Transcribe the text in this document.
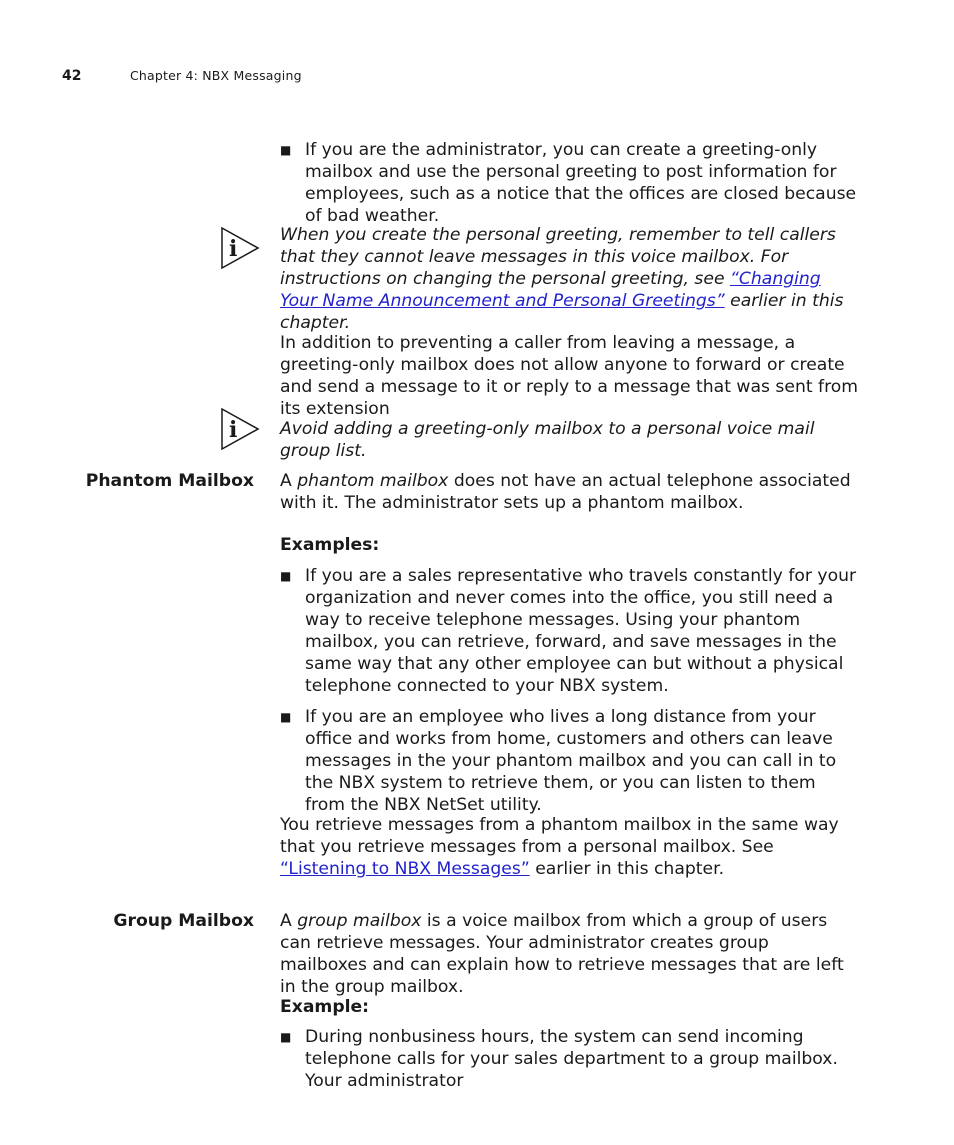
42	Chapter 4: NBX Messaging
■ If you are the administrator, you can create a greeting-only mailbox and use the personal greeting to post information for employees, such as a notice that the offices are closed because of bad weather.
i
When you create the personal greeting, remember to tell callers that they cannot leave messages in this voice mailbox. For instructions on changing the personal greeting, see “Changing Your Name Announcement and Personal Greetings” earlier in this chapter.
In addition to preventing a caller from leaving a message, a greeting-only mailbox does not allow anyone to forward or create and send a message to it or reply to a message that was sent from its extension
i Avoid adding a greeting-only mailbox to a personal voice mail group list.
Phantom Mailbox A phantom mailbox does not have an actual telephone associated with it. The administrator sets up a phantom mailbox.
Examples:
■ If you are a sales representative who travels constantly for your organization and never comes into the office, you still need a way to receive telephone messages. Using your phantom mailbox, you can retrieve, forward, and save messages in the same way that any other employee can but without a physical telephone connected to your NBX system.
■ If you are an employee who lives a long distance from your office and works from home, customers and others can leave messages in the your phantom mailbox and you can call in to the NBX system to retrieve them, or you can listen to them from the NBX NetSet utility.
You retrieve messages from a phantom mailbox in the same way that you retrieve messages from a personal mailbox. See “Listening to NBX Messages” earlier in this chapter.
Group Mailbox A group mailbox is a voice mailbox from which a group of users can retrieve messages. Your administrator creates group mailboxes and can explain how to retrieve messages that are left in the group mailbox.
Example:
■ During nonbusiness hours, the system can send incoming telephone calls for your sales department to a group mailbox. Your administrator
